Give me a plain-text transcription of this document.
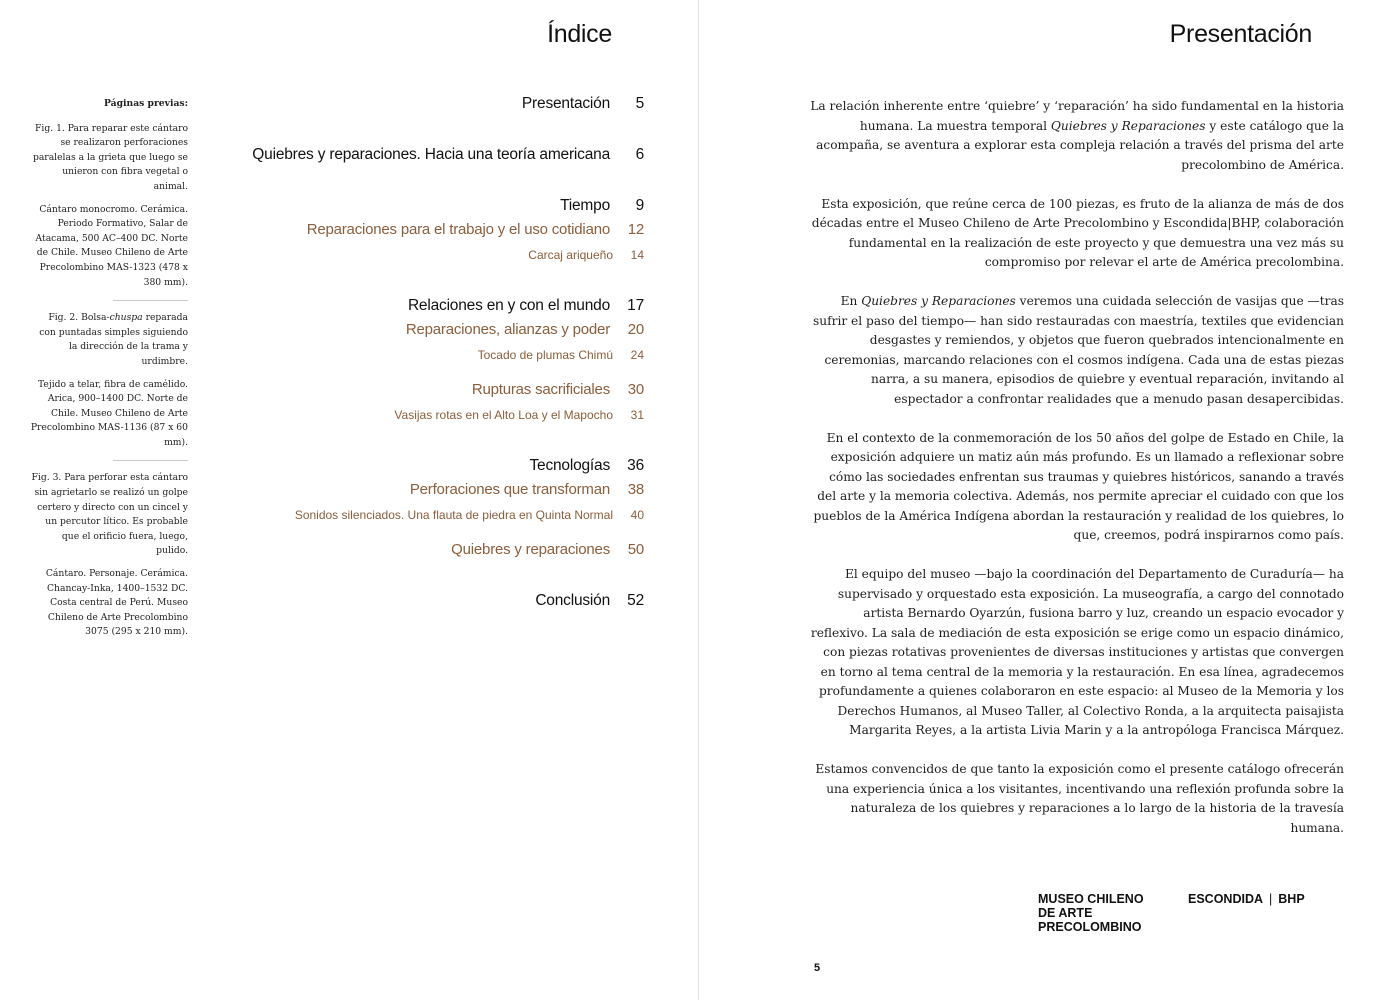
Índice

Páginas previas:

Fig. 1. Para reparar este cántaro se realizaron perforaciones paralelas a la grieta que luego se unieron con fibra vegetal o animal.

Cántaro monocromo. Cerámica. Periodo Formativo, Salar de Atacama, 500 AC–400 DC. Norte de Chile. Museo Chileno de Arte Precolombino MAS-1323 (478 x 380 mm).

Fig. 2. Bolsa-chuspa reparada con puntadas simples siguiendo la dirección de la trama y urdimbre.

Tejido a telar, fibra de camélido. Arica, 900–1400 DC. Norte de Chile. Museo Chileno de Arte Precolombino MAS-1136 (87 x 60 mm).

Fig. 3. Para perforar esta cántaro sin agrietarlo se realizó un golpe certero y directo con un cincel y un percutor lítico. Es probable que el orificio fuera, luego, pulido.

Cántaro. Personaje. Cerámica. Chancay-Inka, 1400–1532 DC. Costa central de Perú. Museo Chileno de Arte Precolombino 3075 (295 x 210 mm).

Presentación	5
Quiebres y reparaciones. Hacia una teoría americana	6
Tiempo	9
Reparaciones para el trabajo y el uso cotidiano	12
Carcaj ariqueño	14
Relaciones en y con el mundo	17
Reparaciones, alianzas y poder	20
Tocado de plumas Chimú	24
Rupturas sacrificiales	30
Vasijas rotas en el Alto Loa y el Mapocho	31
Tecnologías	36
Perforaciones que transforman	38
Sonidos silenciados. Una flauta de piedra en Quinta Normal	40
Quiebres y reparaciones	50
Conclusión	52
Presentación

La relación inherente entre ‘quiebre’ y ‘reparación’ ha sido fundamental en la historia humana. La muestra temporal Quiebres y Reparaciones y este catálogo que la acompaña, se aventura a explorar esta compleja relación a través del prisma del arte precolombino de América.

Esta exposición, que reúne cerca de 100 piezas, es fruto de la alianza de más de dos décadas entre el Museo Chileno de Arte Precolombino y Escondida|BHP, colaboración fundamental en la realización de este proyecto y que demuestra una vez más su compromiso por relevar el arte de América precolombina.

En Quiebres y Reparaciones veremos una cuidada selección de vasijas que —tras sufrir el paso del tiempo— han sido restauradas con maestría, textiles que evidencian desgastes y remiendos, y objetos que fueron quebrados intencionalmente en ceremonias, marcando relaciones con el cosmos indígena. Cada una de estas piezas narra, a su manera, episodios de quiebre y eventual reparación, invitando al espectador a confrontar realidades que a menudo pasan desapercibidas.

En el contexto de la conmemoración de los 50 años del golpe de Estado en Chile, la exposición adquiere un matiz aún más profundo. Es un llamado a reflexionar sobre cómo las sociedades enfrentan sus traumas y quiebres históricos, sanando a través del arte y la memoria colectiva. Además, nos permite apreciar el cuidado con que los pueblos de la América Indígena abordan la restauración y realidad de los quiebres, lo que, creemos, podrá inspirarnos como país.

El equipo del museo —bajo la coordinación del Departamento de Curaduría— ha supervisado y orquestado esta exposición. La museografía, a cargo del connotado artista Bernardo Oyarzún, fusiona barro y luz, creando un espacio evocador y reflexivo. La sala de mediación de esta exposición se erige como un espacio dinámico, con piezas rotativas provenientes de diversas instituciones y artistas que convergen en torno al tema central de la memoria y la restauración. En esa línea, agradecemos profundamente a quienes colaboraron en este espacio: al Museo de la Memoria y los Derechos Humanos, al Museo Taller, al Colectivo Ronda, a la arquitecta paisajista Margarita Reyes, a la artista Livia Marin y a la antropóloga Francisca Márquez.

Estamos convencidos de que tanto la exposición como el presente catálogo ofrecerán una experiencia única a los visitantes, incentivando una reflexión profunda sobre la naturaleza de los quiebres y reparaciones a lo largo de la historia de la travesía humana.

MUSEO CHILENO
DE ARTE
PRECOLOMBINO
ESCONDIDA | BHP
5
